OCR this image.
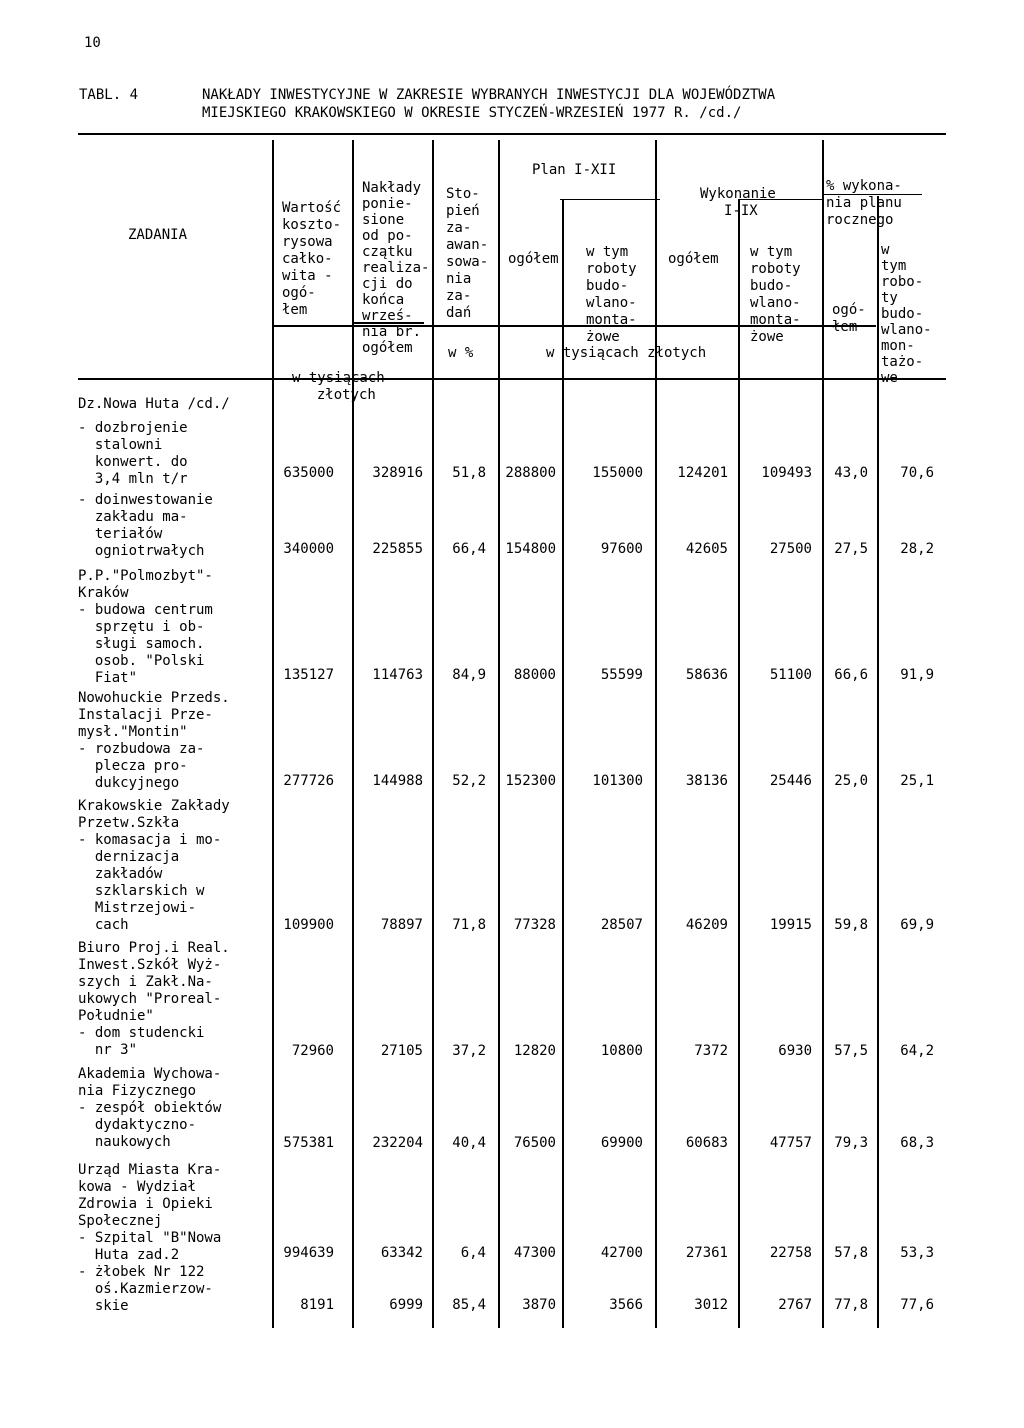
10
TABL. 4	NAKŁADY INWESTYCYJNE W ZAKRESIE WYBRANYCH INWESTYCJI DLA WOJEWÓDZTWA
MIEJSKIEGO KRAKOWSKIEGO W OKRESIE STYCZEŃ-WRZESIEŃ 1977 R. /cd./
ZADANIA

Wartość
koszto-
rysowa
całko-
wita -
ogó-
łem

Nakłady
ponie-
sione
od po-
czątku
realiza-
cji do
końca
wrześ-
nia br.
ogółem

Sto-
pień
za-
awan-
sowa-
nia
za-
dań

Plan I-XII
ogółem

w tym
roboty
budo-
wlano-
monta-
żowe

Wykonanie
I-IX

ogółem

w tym
roboty
budo-
wlano-
monta-
żowe

% wykona-
nia planu
rocznego

ogó-
łem

w
tym
robo-
ty
budo-
wlano-
mon-
tażo-
we

w tysiącach
złotych

w %	w tysiącach złotych
Dz.Nowa Huta /cd./
- dozbrojenie
stalowni
konwert. do
3,4 mln t/r	635000	328916	51,8	288800	155000	124201	109493	43,0	70,6
- doinwestowanie
zakładu ma-
teriałów
ogniotrwałych	340000	225855	66,4	154800	97600	42605	27500	27,5	28,2
P.P."Polmozbyt"-
Kraków
- budowa centrum
sprzętu i ob-
sługi samoch.
osob. "Polski
Fiat"	135127	114763	84,9	88000	55599	58636	51100	66,6	91,9
Nowohuckie Przeds.
Instalacji Prze-
mysł."Montin"
- rozbudowa za-
plecza pro-
dukcyjnego	277726	144988	52,2	152300	101300	38136	25446	25,0	25,1
Krakowskie Zakłady
Przetw.Szkła
- komasacja i mo-
dernizacja
zakładów
szklarskich w
Mistrzejowi-
cach	109900	78897	71,8	77328	28507	46209	19915	59,8	69,9
Biuro Proj.i Real.
Inwest.Szkół Wyż-
szych i Zakł.Na-
ukowych "Proreal-
Południe"
- dom studencki
nr 3"	72960	27105	37,2	12820	10800	7372	6930	57,5	64,2
Akademia Wychowa-
nia Fizycznego
- zespół obiektów
dydaktyczno-
naukowych	575381	232204	40,4	76500	69900	60683	47757	79,3	68,3
Urząd Miasta Kra-
kowa - Wydział
Zdrowia i Opieki
Społecznej
- Szpital "B"Nowa
Huta zad.2	994639	63342	6,4	47300	42700	27361	22758	57,8	53,3
- żłobek Nr 122
oś.Kazmierzow-
skie	8191	6999	85,4	3870	3566	3012	2767	77,8	77,6
